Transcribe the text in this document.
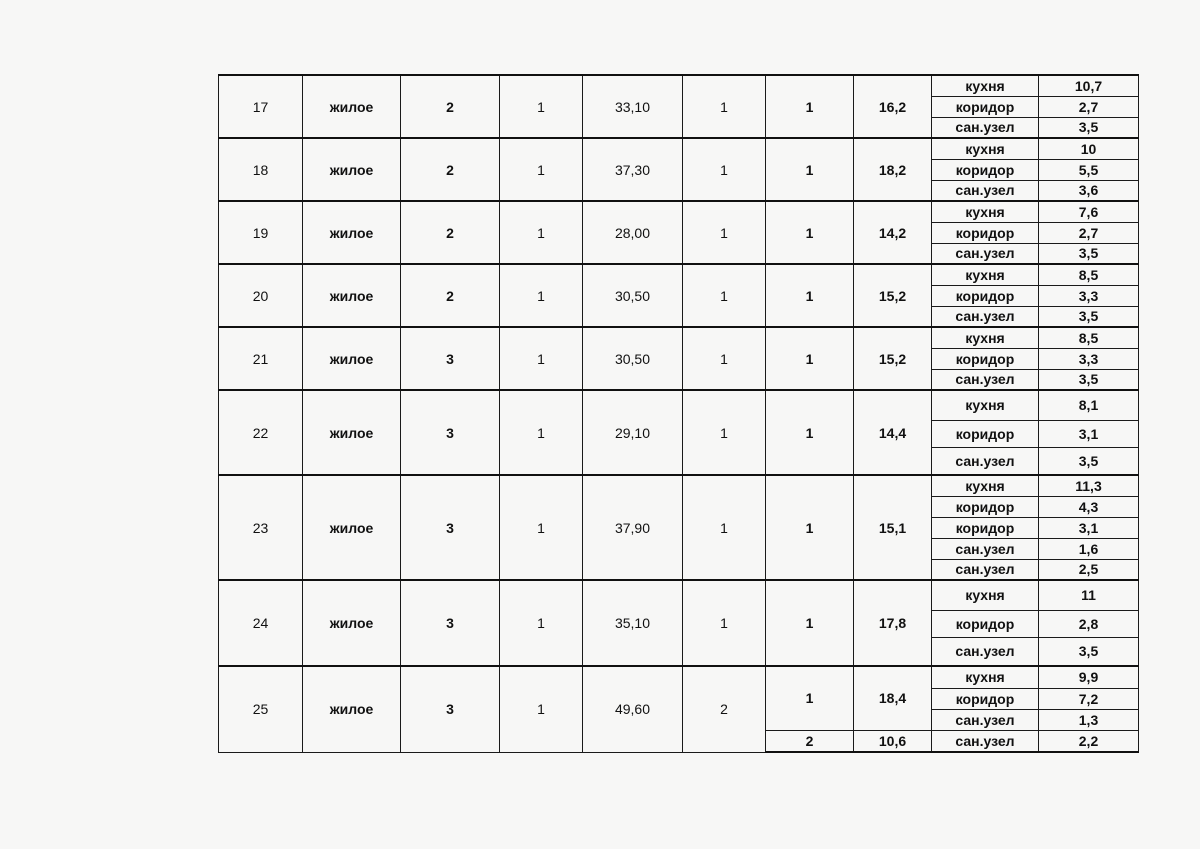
17	жилое	2	1	33,10	1	1	16,2	кухня	10,7
								коридор	2,7
								сан.узел	3,5
18	жилое	2	1	37,30	1	1	18,2	кухня	10
								коридор	5,5
								сан.узел	3,6
19	жилое	2	1	28,00	1	1	14,2	кухня	7,6
								коридор	2,7
								сан.узел	3,5
20	жилое	2	1	30,50	1	1	15,2	кухня	8,5
								коридор	3,3
								сан.узел	3,5
21	жилое	3	1	30,50	1	1	15,2	кухня	8,5
								коридор	3,3
								сан.узел	3,5
22	жилое	3	1	29,10	1	1	14,4	кухня	8,1
								коридор	3,1
								сан.узел	3,5
23	жилое	3	1	37,90	1	1	15,1	кухня	11,3
								коридор	4,3
								коридор	3,1
								сан.узел	1,6
								сан.узел	2,5
24	жилое	3	1	35,10	1	1	17,8	кухня	11
								коридор	2,8
								сан.узел	3,5
25	жилое	3	1	49,60	2	1	18,4	кухня	9,9
								коридор	7,2
								сан.узел	1,3
						2	10,6	сан.узел	2,2
